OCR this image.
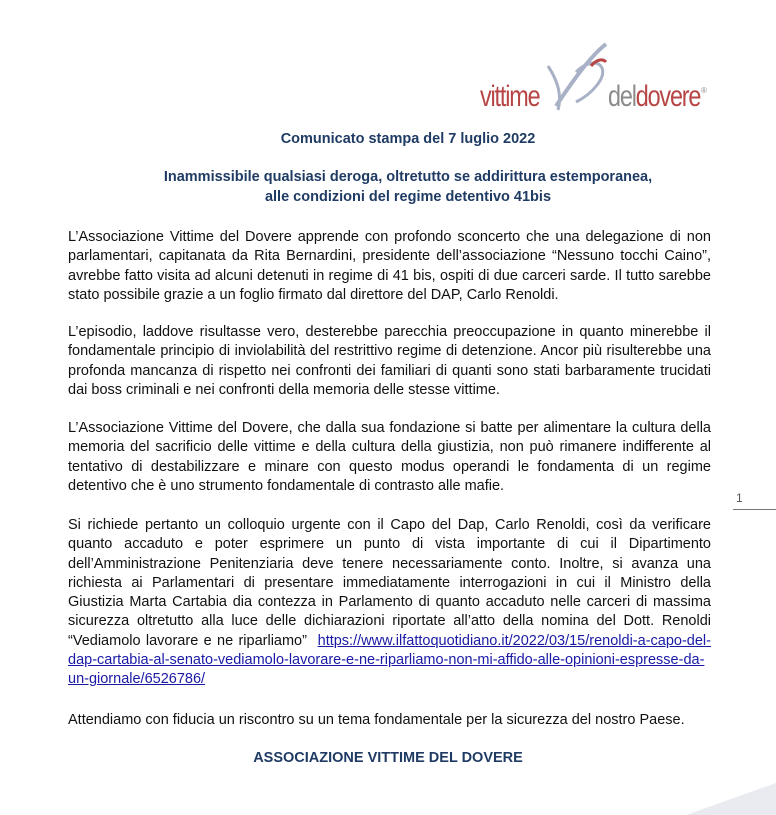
vittime deldovere ®
Comunicato stampa del 7 luglio 2022
Inammissibile qualsiasi deroga, oltretutto se addirittura estemporanea,
alle condizioni del regime detentivo 41bis

L’Associazione Vittime del Dovere apprende con profondo sconcerto che una delegazione di non parlamentari, capitanata da Rita Bernardini, presidente dell’associazione “Nessuno tocchi Caino”, avrebbe fatto visita ad alcuni detenuti in regime di 41 bis, ospiti di due carceri sarde. Il tutto sarebbe stato possibile grazie a un foglio firmato dal direttore del DAP, Carlo Renoldi.

L’episodio, laddove risultasse vero, desterebbe parecchia preoccupazione in quanto minerebbe il fondamentale principio di inviolabilità del restrittivo regime di detenzione. Ancor più risulterebbe una profonda mancanza di rispetto nei confronti dei familiari di quanti sono stati barbaramente trucidati dai boss criminali e nei confronti della memoria delle stesse vittime.

L’Associazione Vittime del Dovere, che dalla sua fondazione si batte per alimentare la cultura della memoria del sacrificio delle vittime e della cultura della giustizia, non può rimanere indifferente al tentativo di destabilizzare e minare con questo modus operandi le fondamenta di un regime detentivo che è uno strumento fondamentale di contrasto alle mafie.

Si richiede pertanto un colloquio urgente con il Capo del Dap, Carlo Renoldi, così da verificare quanto accaduto e poter esprimere un punto di vista importante di cui il Dipartimento dell’Amministrazione Penitenziaria deve tenere necessariamente conto. Inoltre, si avanza una richiesta ai Parlamentari di presentare immediatamente interrogazioni in cui il Ministro della Giustizia Marta Cartabia dia contezza in Parlamento di quanto accaduto nelle carceri di massima sicurezza oltretutto alla luce delle dichiarazioni riportate all’atto della nomina del Dott. Renoldi “Vediamolo lavorare e ne riparliamo” https://www.ilfattoquotidiano.it/2022/03/15/renoldi-a-capo-del-dap-cartabia-al-senato-vediamolo-lavorare-e-ne-riparliamo-non-mi-affido-alle-opinioni-espresse-da-un-giornale/6526786/

Attendiamo con fiducia un riscontro su un tema fondamentale per la sicurezza del nostro Paese.

ASSOCIAZIONE VITTIME DEL DOVERE
1
